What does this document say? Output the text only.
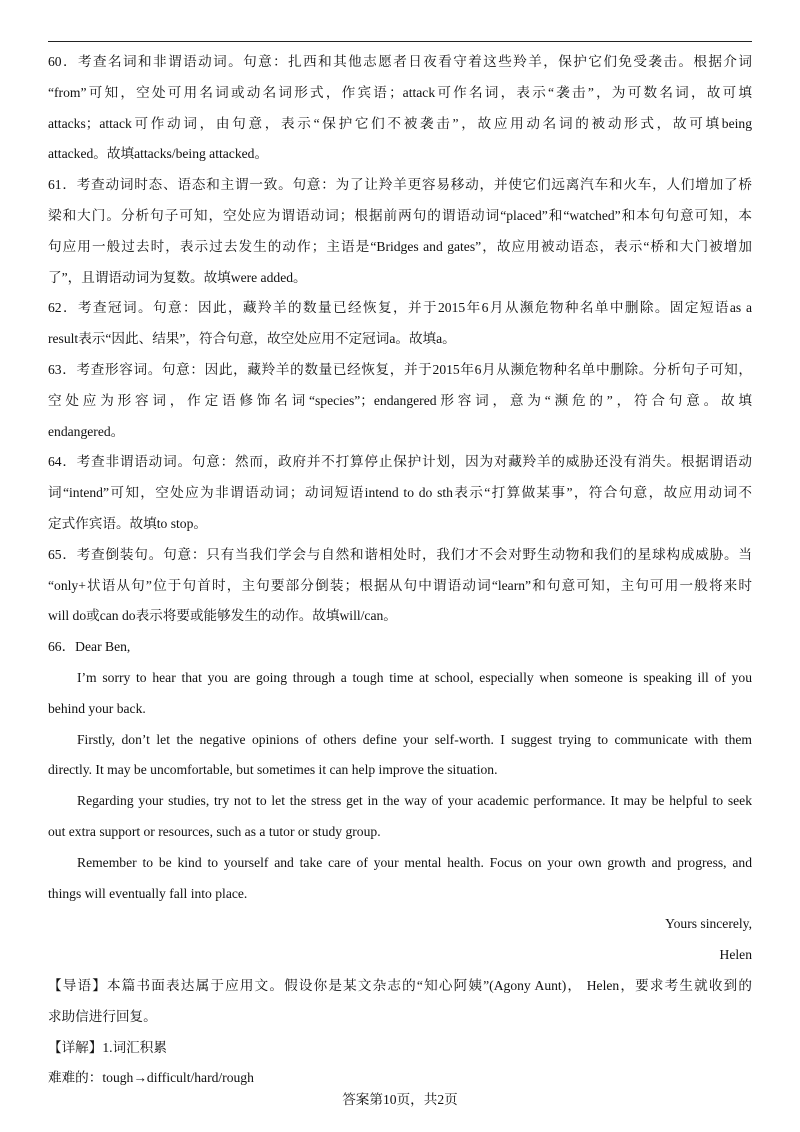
60．考查名词和非谓语动词。句意：扎西和其他志愿者日夜看守着这些羚羊，保护它们免受袭击。根据介词
“from”可知，空处可用名词或动名词形式，作宾语；attack可作名词，表示“袭击”，为可数名词，故可填
attacks；attack可作动词，由句意，表示“保护它们不被袭击”，故应用动名词的被动形式，故可填being
attacked。故填attacks/being attacked。
61．考查动词时态、语态和主谓一致。句意：为了让羚羊更容易移动，并使它们远离汽车和火车，人们增加了桥
梁和大门。分析句子可知，空处应为谓语动词；根据前两句的谓语动词“placed”和“watched”和本句句意可知，本
句应用一般过去时，表示过去发生的动作；主语是“Bridges and gates”，故应用被动语态，表示“桥和大门被增加
了”，且谓语动词为复数。故填were added。
62．考查冠词。句意：因此，藏羚羊的数量已经恢复，并于2015年6月从濒危物种名单中删除。固定短语as a
result表示“因此、结果”，符合句意，故空处应用不定冠词a。故填a。
63．考查形容词。句意：因此，藏羚羊的数量已经恢复，并于2015年6月从濒危物种名单中删除。分析句子可知，
空处应为形容词，作定语修饰名词“species”；endangered形容词，意为“濒危的”，符合句意。故填
endangered。
64．考查非谓语动词。句意：然而，政府并不打算停止保护计划，因为对藏羚羊的威胁还没有消失。根据谓语动
词“intend”可知，空处应为非谓语动词；动词短语intend to do sth表示“打算做某事”，符合句意，故应用动词不
定式作宾语。故填to stop。
65．考查倒装句。句意：只有当我们学会与自然和谐相处时，我们才不会对野生动物和我们的星球构成威胁。当
“only+状语从句”位于句首时，主句要部分倒装；根据从句中谓语动词“learn”和句意可知，主句可用一般将来时
will do或can do表示将要或能够发生的动作。故填will/can。
66．Dear Ben,
I’m sorry to hear that you are going through a tough time at school, especially when someone is speaking ill of you
behind your back.
Firstly, don’t let the negative opinions of others define your self-worth. I suggest trying to communicate with them
directly. It may be uncomfortable, but sometimes it can help improve the situation.
Regarding your studies, try not to let the stress get in the way of your academic performance. It may be helpful to seek
out extra support or resources, such as a tutor or study group.
Remember to be kind to yourself and take care of your mental health. Focus on your own growth and progress, and
things will eventually fall into place.
Yours sincerely,
Helen
【导语】本篇书面表达属于应用文。假设你是某文杂志的“知心阿姨”(Agony Aunt)， Helen，要求考生就收到的
求助信进行回复。
【详解】1.词汇积累
难难的：tough→difficult/hard/rough
答案第10页，共2页
